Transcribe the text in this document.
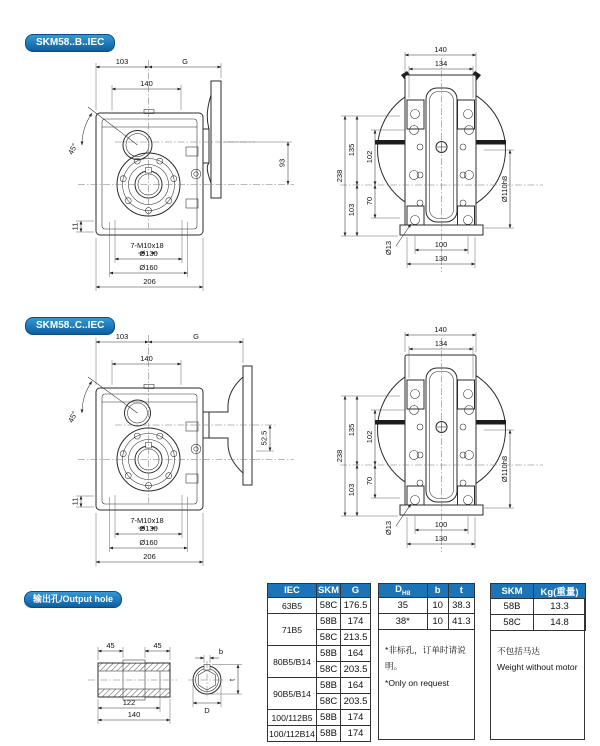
SKM58..B..IEC
SKM58..C..IEC
输出孔/Output hole
103	G
140
45°
93
11
7-M10x18
Ø130
Ø160
206
140
134
238
135
102
103
70	Ø110h8
Ø13	100
130
103	G
140
45°
52.5
11
7-M10x18
Ø130
Ø160
206
140
134
238
135
102
103
70	Ø110h8
Ø13	100
130
45	45
122
140
b
t
D
IEC	SKM	G
63B5	58C	176.5
71B5	58B	174
	58C	213.5
80B5/B14	58B	164
	58C	203.5
90B5/B14	58B	164
	58C	203.5
100/112B5	58B	174
100/112B14	58B	174
$D_{H8}$	b	t
35	10	38.3
38*	10	41.3
*非标孔，订单时请说明。
*Only on request
SKM	Kg(重量)
58B	13.3
58C	14.8
不包括马达
Weight without motor
